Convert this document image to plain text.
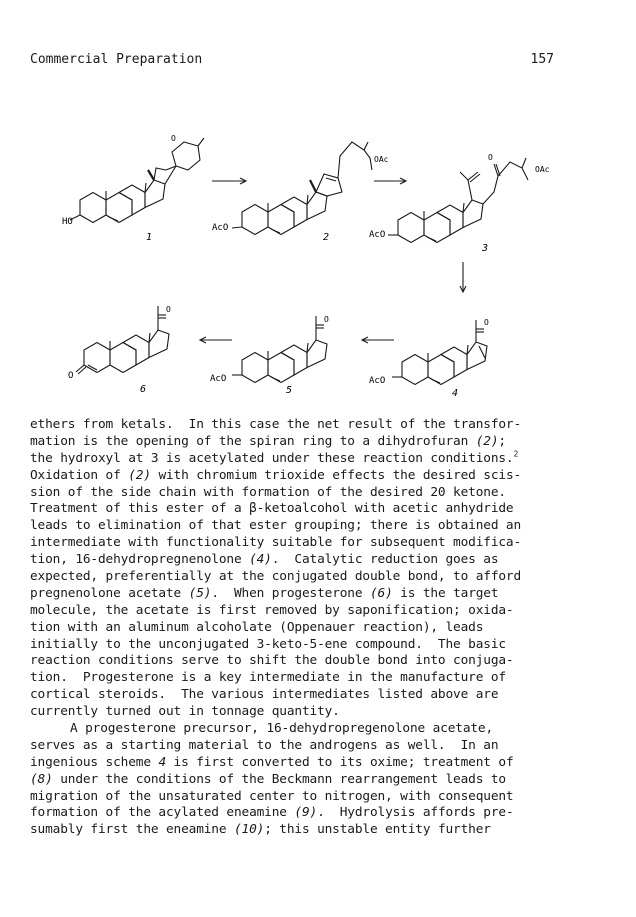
Commercial Preparation	157
HO
1
O
AcO
OAc
2	AcO
OAc
O
3
AcO
O
4
AcO
O
5
O
O
6
ethers from ketals.  In this case the net result of the transfor-
mation is the opening of the spiran ring to a dihydrofuran (2);
the hydroxyl at 3 is acetylated under these reaction conditions.$^2$
Oxidation of (2) with chromium trioxide effects the desired scis-
sion of the side chain with formation of the desired 20 ketone.
Treatment of this ester of a β-ketoalcohol with acetic anhydride
leads to elimination of that ester grouping; there is obtained an
intermediate with functionality suitable for subsequent modifica-
tion, 16-dehydropregnenolone (4).  Catalytic reduction goes as
expected, preferentially at the conjugated double bond, to afford
pregnenolone acetate (5).  When progesterone (6) is the target
molecule, the acetate is first removed by saponification; oxida-
tion with an aluminum alcoholate (Oppenauer reaction), leads
initially to the unconjugated 3-keto-5-ene compound.  The basic
reaction conditions serve to shift the double bond into conjuga-
tion.  Progesterone is a key intermediate in the manufacture of
cortical steroids.  The various intermediates listed above are
currently turned out in tonnage quantity.
A progesterone precursor, 16-dehydropregenolone acetate,
serves as a starting material to the androgens as well.  In an
ingenious scheme 4 is first converted to its oxime; treatment of
(8) under the conditions of the Beckmann rearrangement leads to
migration of the unsaturated center to nitrogen, with consequent
formation of the acylated eneamine (9).  Hydrolysis affords pre-
sumably first the eneamine (10); this unstable entity further
